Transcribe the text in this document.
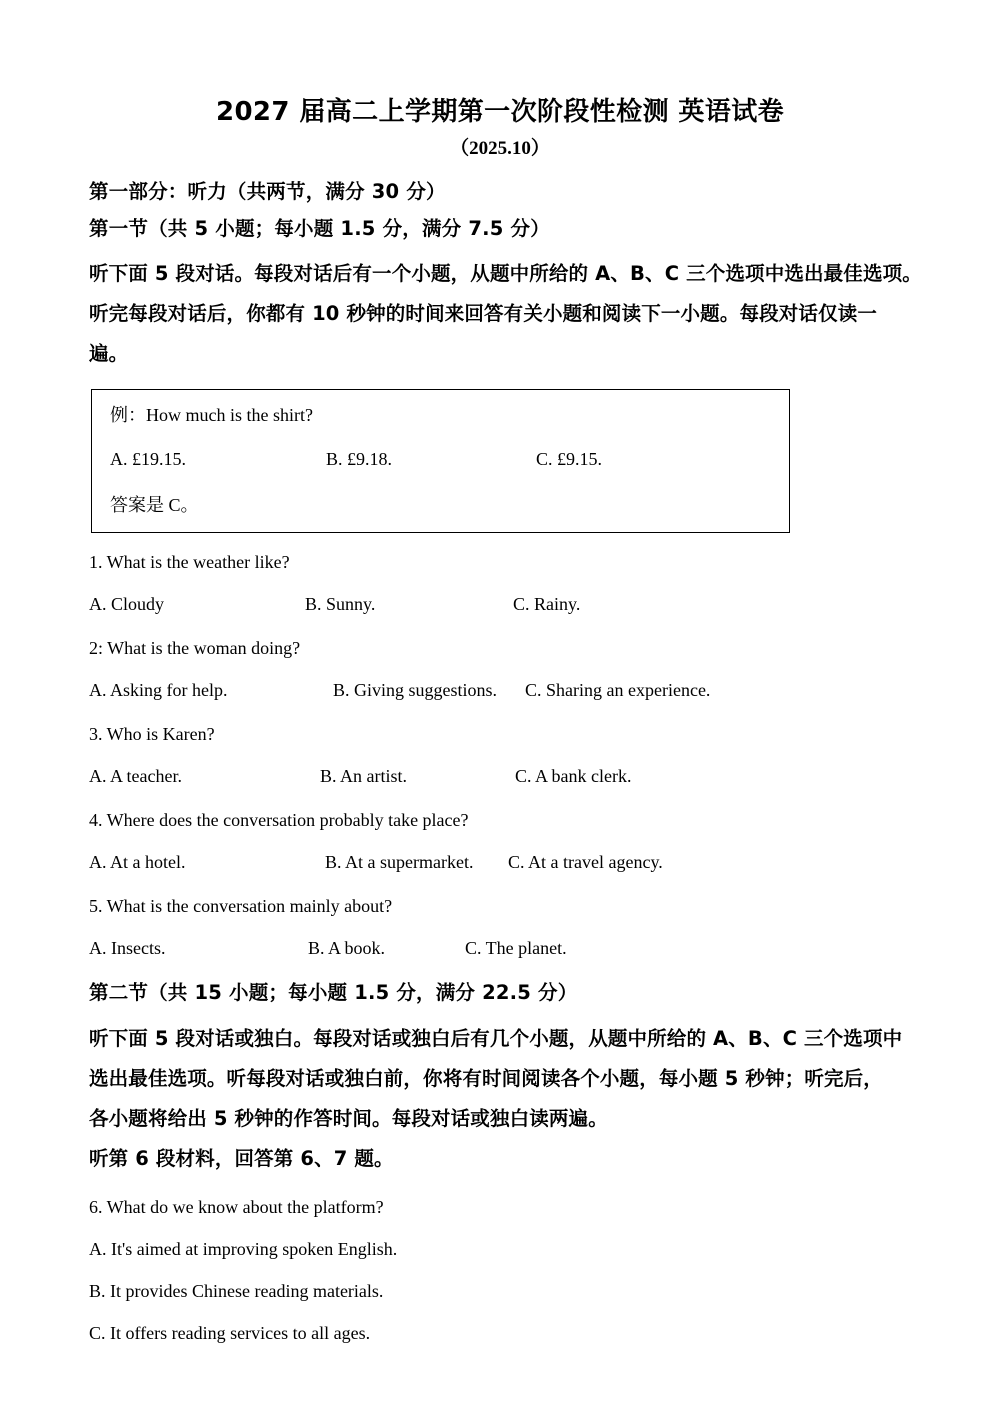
2027 届高二上学期第一次阶段性检测 英语试卷
（2025.10）

第一部分：听力（共两节，满分 30 分）

第一节（共 5 小题；每小题 1.5 分，满分 7.5 分）

听下面 5 段对话。每段对话后有一个小题，从题中所给的 A、B、C 三个选项中选出最佳选项。

听完每段对话后，你都有 10 秒钟的时间来回答有关小题和阅读下一小题。每段对话仅读一

遍。

例：How much is the shirt?

A. £19.15.	B. £9.18.	C. £9.15.

答案是 C。

1. What is the weather like?

A. Cloudy	B. Sunny.	C. Rainy.

2: What is the woman doing?

A. Asking for help.	B. Giving suggestions. C. Sharing an experience.

3. Who is Karen?

A. A teacher.	B. An artist.	C. A bank clerk.

4. Where does the conversation probably take place?

A. At a hotel.	B. At a supermarket. C. At a travel agency.

5. What is the conversation mainly about?

A. Insects.	B. A book.	C. The planet.

第二节（共 15 小题；每小题 1.5 分，满分 22.5 分）

听下面 5 段对话或独白。每段对话或独白后有几个小题，从题中所给的 A、B、C 三个选项中

选出最佳选项。听每段对话或独白前，你将有时间阅读各个小题，每小题 5 秒钟；听完后，

各小题将给出 5 秒钟的作答时间。每段对话或独白读两遍。

听第 6 段材料，回答第 6、7 题。

6. What do we know about the platform?

A. It's aimed at improving spoken English.

B. It provides Chinese reading materials.

C. It offers reading services to all ages.
